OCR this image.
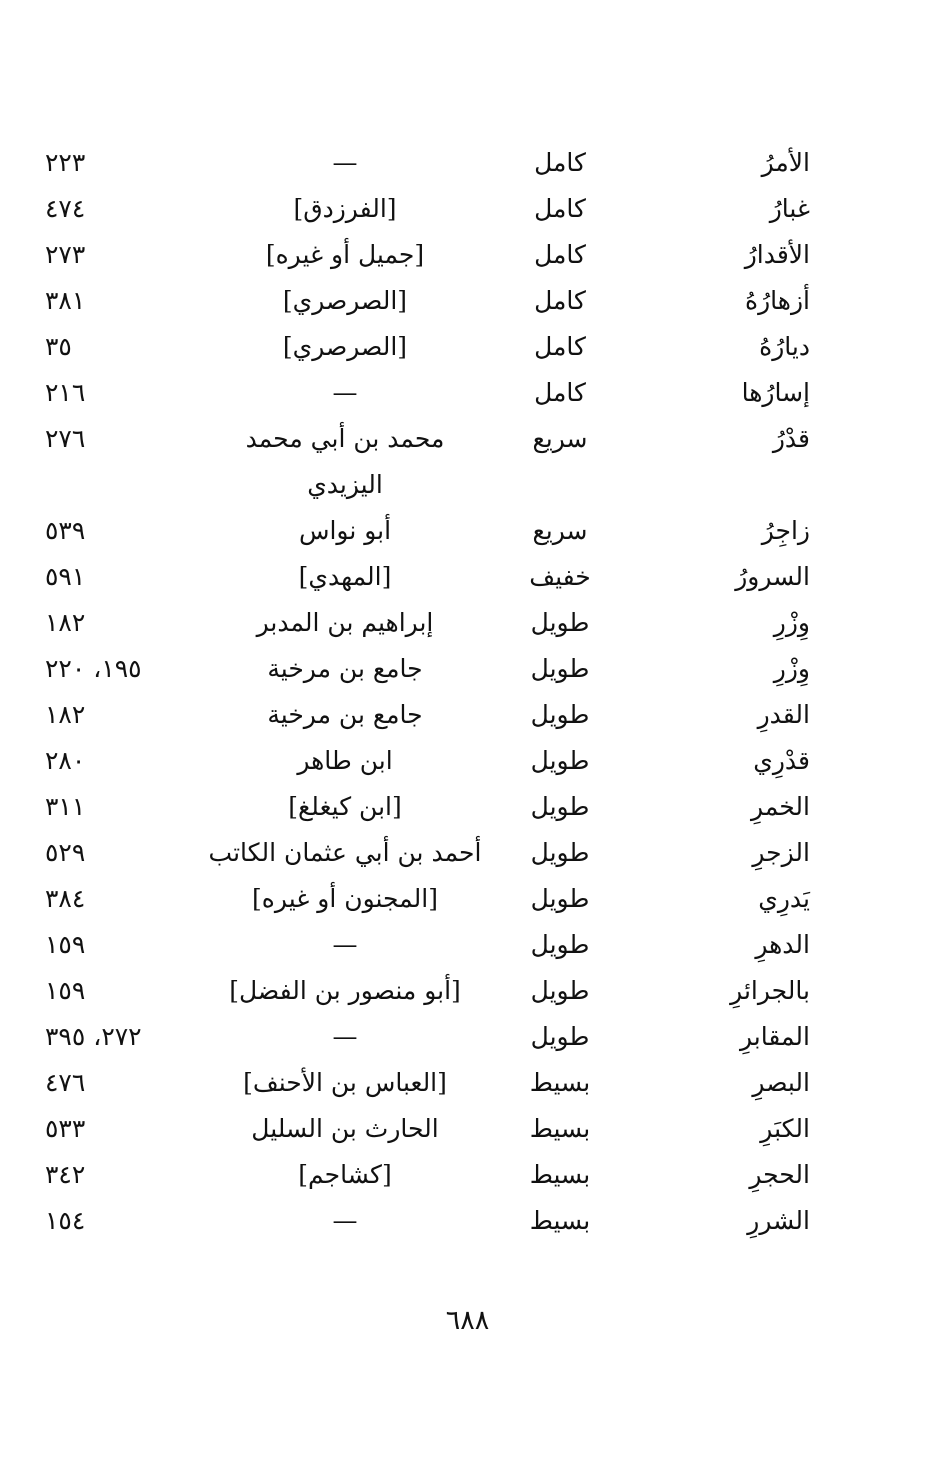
الأمرُ
كامل
—
٢٢٣
غبارُ
كامل
[الفرزدق]
٤٧٤
الأقدارُ
كامل
[جميل أو غيره]
٢٧٣
أزهارُهُ
كامل
[الصرصري]
٣٨١
ديارُهُ
كامل
[الصرصري]
٣٥
إسارُها
كامل
—
٢١٦
قدْرُ
سريع
محمد بن أبي محمد اليزيدي
٢٧٦
زاجِرُ
سريع
أبو نواس
٥٣٩
السرورُ
خفيف
[المهدي]
٥٩١
وِزْرِ
طويل
إبراهيم بن المدبر
١٨٢
وِزْرِ
طويل
جامع بن مرخية
١٩٥، ٢٢٠
القدرِ
طويل
جامع بن مرخية
١٨٢
قدْرِي
طويل
ابن طاهر
٢٨٠
الخمرِ
طويل
[ابن كيغلغ]
٣١١
الزجرِ
طويل
أحمد بن أبي عثمان الكاتب
٥٢٩
يَدرِي
طويل
[المجنون أو غيره]
٣٨٤
الدهرِ
طويل
—
١٥٩
بالجرائرِ
طويل
[أبو منصور بن الفضل]
١٥٩
المقابرِ
طويل
—
٢٧٢، ٣٩٥
البصرِ
بسيط
[العباس بن الأحنف]
٤٧٦
الكبَرِ
بسيط
الحارث بن السليل
٥٣٣
الحجرِ
بسيط
[كشاجم]
٣٤٢
الشررِ
بسيط
—
١٥٤
٦٨٨
